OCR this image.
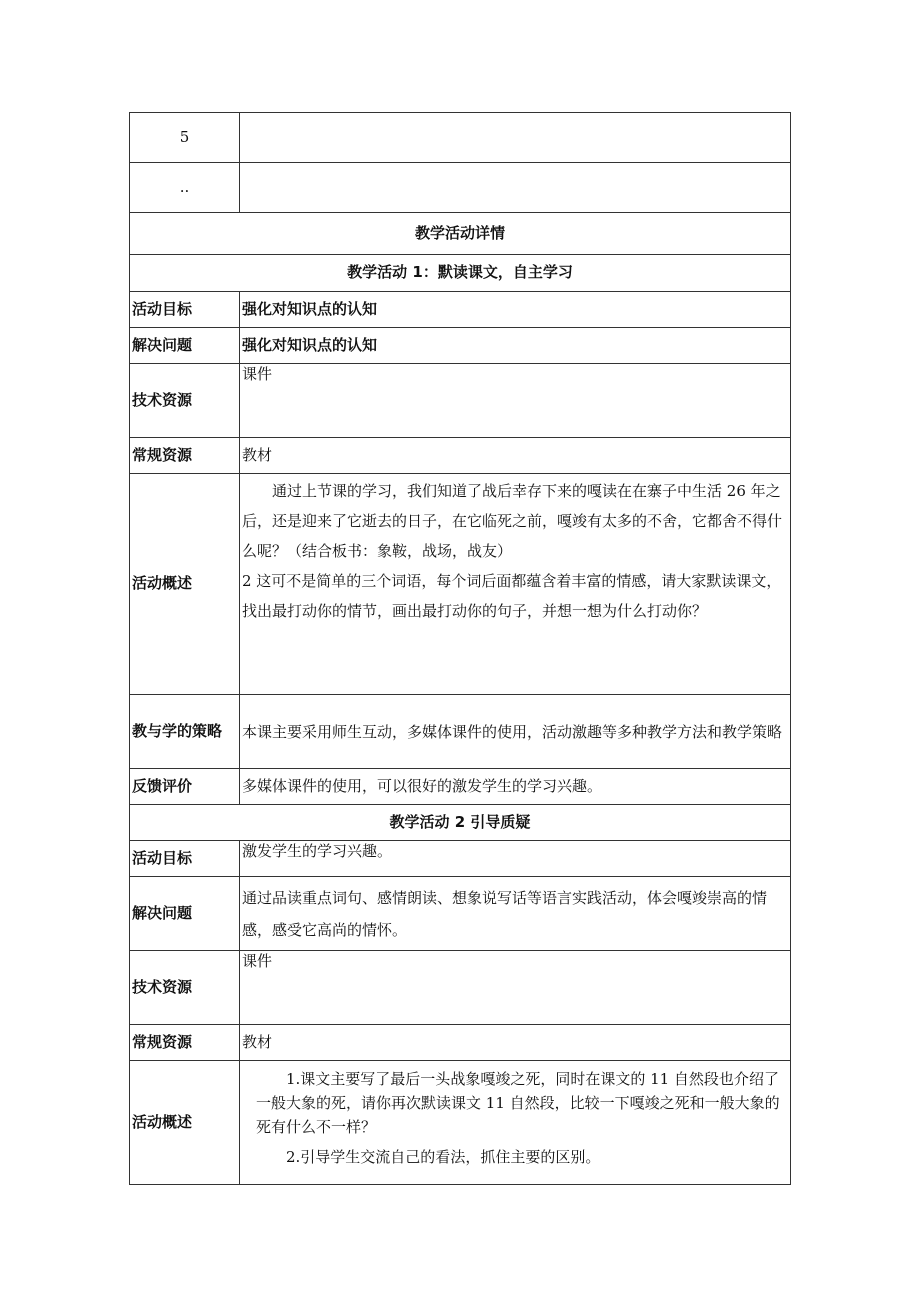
5	
..	
教学活动详情	
教学活动 1：默读课文，自主学习	
活动目标	强化对知识点的认知
解决问题	强化对知识点的认知
技术资源	课件
常规资源	教材
活动概述	通过上节课的学习，我们知道了战后幸存下来的嘎读在在寨子中生活 26 年之后，还是迎来了它逝去的日子，在它临死之前，嘎竣有太多的不舍，它都舍不得什么呢？（结合板书：象鞍，战场，战友）

2 这可不是简单的三个词语，每个词后面都蕴含着丰富的情感，请大家默读课文，找出最打动你的情节，画出最打动你的句子，并想一想为什么打动你？

教与学的策略	本课主要采用师生互动，多媒体课件的使用，活动激趣等多种教学方法和教学策略

反馈评价	多媒体课件的使用，可以很好的激发学生的学习兴趣。
教学活动 2 引导质疑	
活动目标	激发学生的学习兴趣。
解决问题	通过品读重点词句、感情朗读、想象说写话等语言实践活动，体会嘎竣崇高的情感，感受它高尚的情怀。

技术资源	课件
常规资源	教材
活动概述	1.课文主要写了最后一头战象嘎竣之死，同时在课文的 11 自然段也介绍了一般大象的死，请你再次默读课文 11 自然段，比较一下嘎竣之死和一般大象的死有什么不一样？

2.引导学生交流自己的看法，抓住主要的区别。
